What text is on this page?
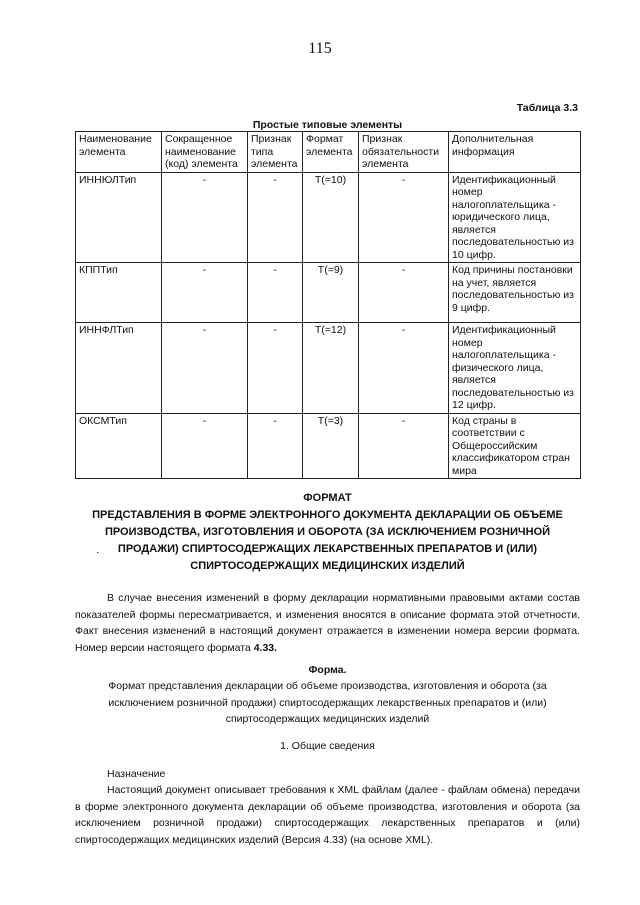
115
Таблица 3.3
Простые типовые элементы
Наименование элемента	Сокращенное наименование (код) элемента	Признак типа элемента	Формат элемента	Признак обязательности элемента	Дополнительная информация
ИННЮЛТип	-	-	T(=10)	-	Идентификационный номер налогоплательщика - юридического лица, является последовательностью из 10 цифр.
КППТип	-	-	T(=9)	-	Код причины постановки на учет, является последовательностью из 9 цифр.
ИННФЛТип	-	-	T(=12)	-	Идентификационный номер налогоплательщика - физического лица, является последовательностью из 12 цифр.
ОКСМТип	-	-	T(=3)	-	Код страны в соответствии с Общероссийским классификатором стран мира
ФОРМАТ
ПРЕДСТАВЛЕНИЯ В ФОРМЕ ЭЛЕКТРОННОГО ДОКУМЕНТА ДЕКЛАРАЦИИ ОБ ОБЪЕМЕ ПРОИЗВОДСТВА, ИЗГОТОВЛЕНИЯ И ОБОРОТА (ЗА ИСКЛЮЧЕНИЕМ РОЗНИЧНОЙ ПРОДАЖИ) СПИРТОСОДЕРЖАЩИХ ЛЕКАРСТВЕННЫХ ПРЕПАРАТОВ И (ИЛИ) СПИРТОСОДЕРЖАЩИХ МЕДИЦИНСКИХ ИЗДЕЛИЙ
·
В случае внесения изменений в форму декларации нормативными правовыми актами состав показателей формы пересматривается, и изменения вносятся в описание формата этой отчетности. Факт внесения изменений в настоящий документ отражается в изменении номера версии формата. Номер версии настоящего формата 4.33.
Форма.
Формат представления декларации об объеме производства, изготовления и оборота (за исключением розничной продажи) спиртосодержащих лекарственных препаратов и (или) спиртосодержащих медицинских изделий
1. Общие сведения
Назначение
Настоящий документ описывает требования к XML файлам (далее - файлам обмена) передачи в форме электронного документа декларации об объеме производства, изготовления и оборота (за исключением розничной продажи) спиртосодержащих лекарственных препаратов и (или) спиртосодержащих медицинских изделий (Версия 4.33) (на основе XML).
